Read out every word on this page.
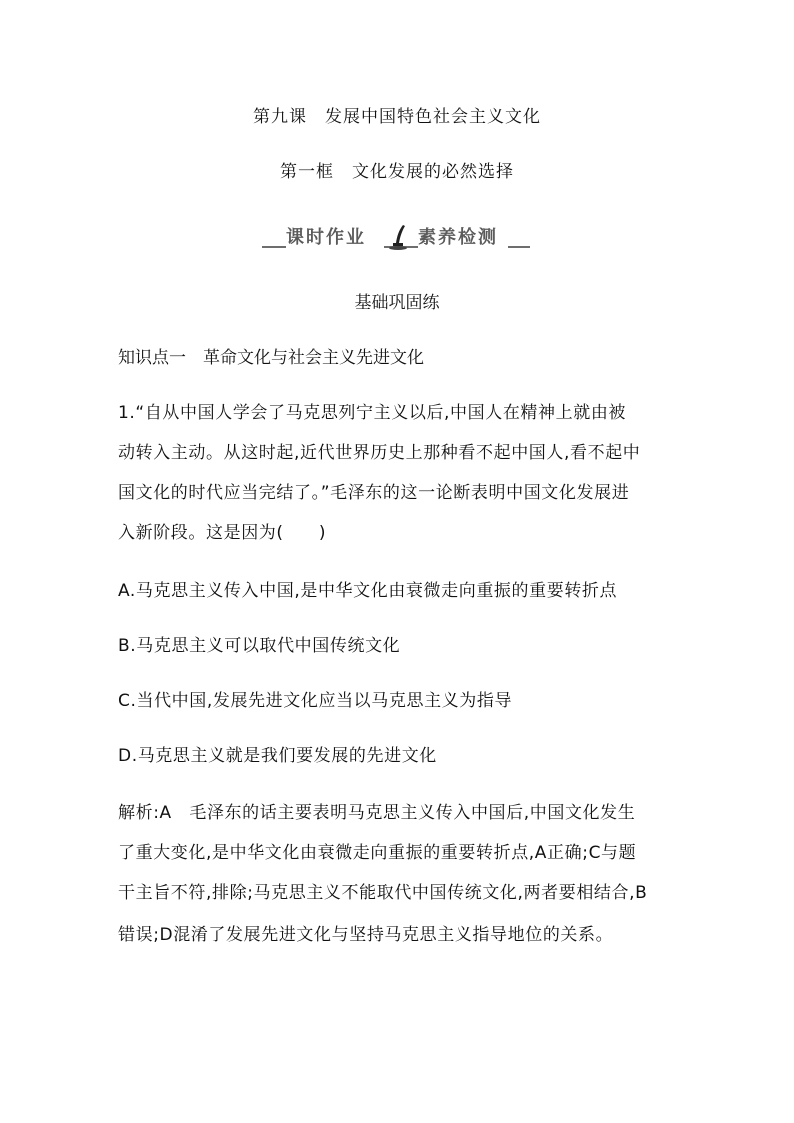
第九课　发展中国特色社会主义文化
第一框　文化发展的必然选择
课时作业	素养检测
基础巩固练
知识点一　革命文化与社会主义先进文化
1.“自从中国人学会了马克思列宁主义以后,中国人在精神上就由被
动转入主动。从这时起,近代世界历史上那种看不起中国人,看不起中
国文化的时代应当完结了。”毛泽东的这一论断表明中国文化发展进
入新阶段。这是因为(　　)
A.马克思主义传入中国,是中华文化由衰微走向重振的重要转折点
B.马克思主义可以取代中国传统文化
C.当代中国,发展先进文化应当以马克思主义为指导
D.马克思主义就是我们要发展的先进文化
解析:A　毛泽东的话主要表明马克思主义传入中国后,中国文化发生
了重大变化,是中华文化由衰微走向重振的重要转折点,A正确;C与题
干主旨不符,排除;马克思主义不能取代中国传统文化,两者要相结合,B
错误;D混淆了发展先进文化与坚持马克思主义指导地位的关系。
